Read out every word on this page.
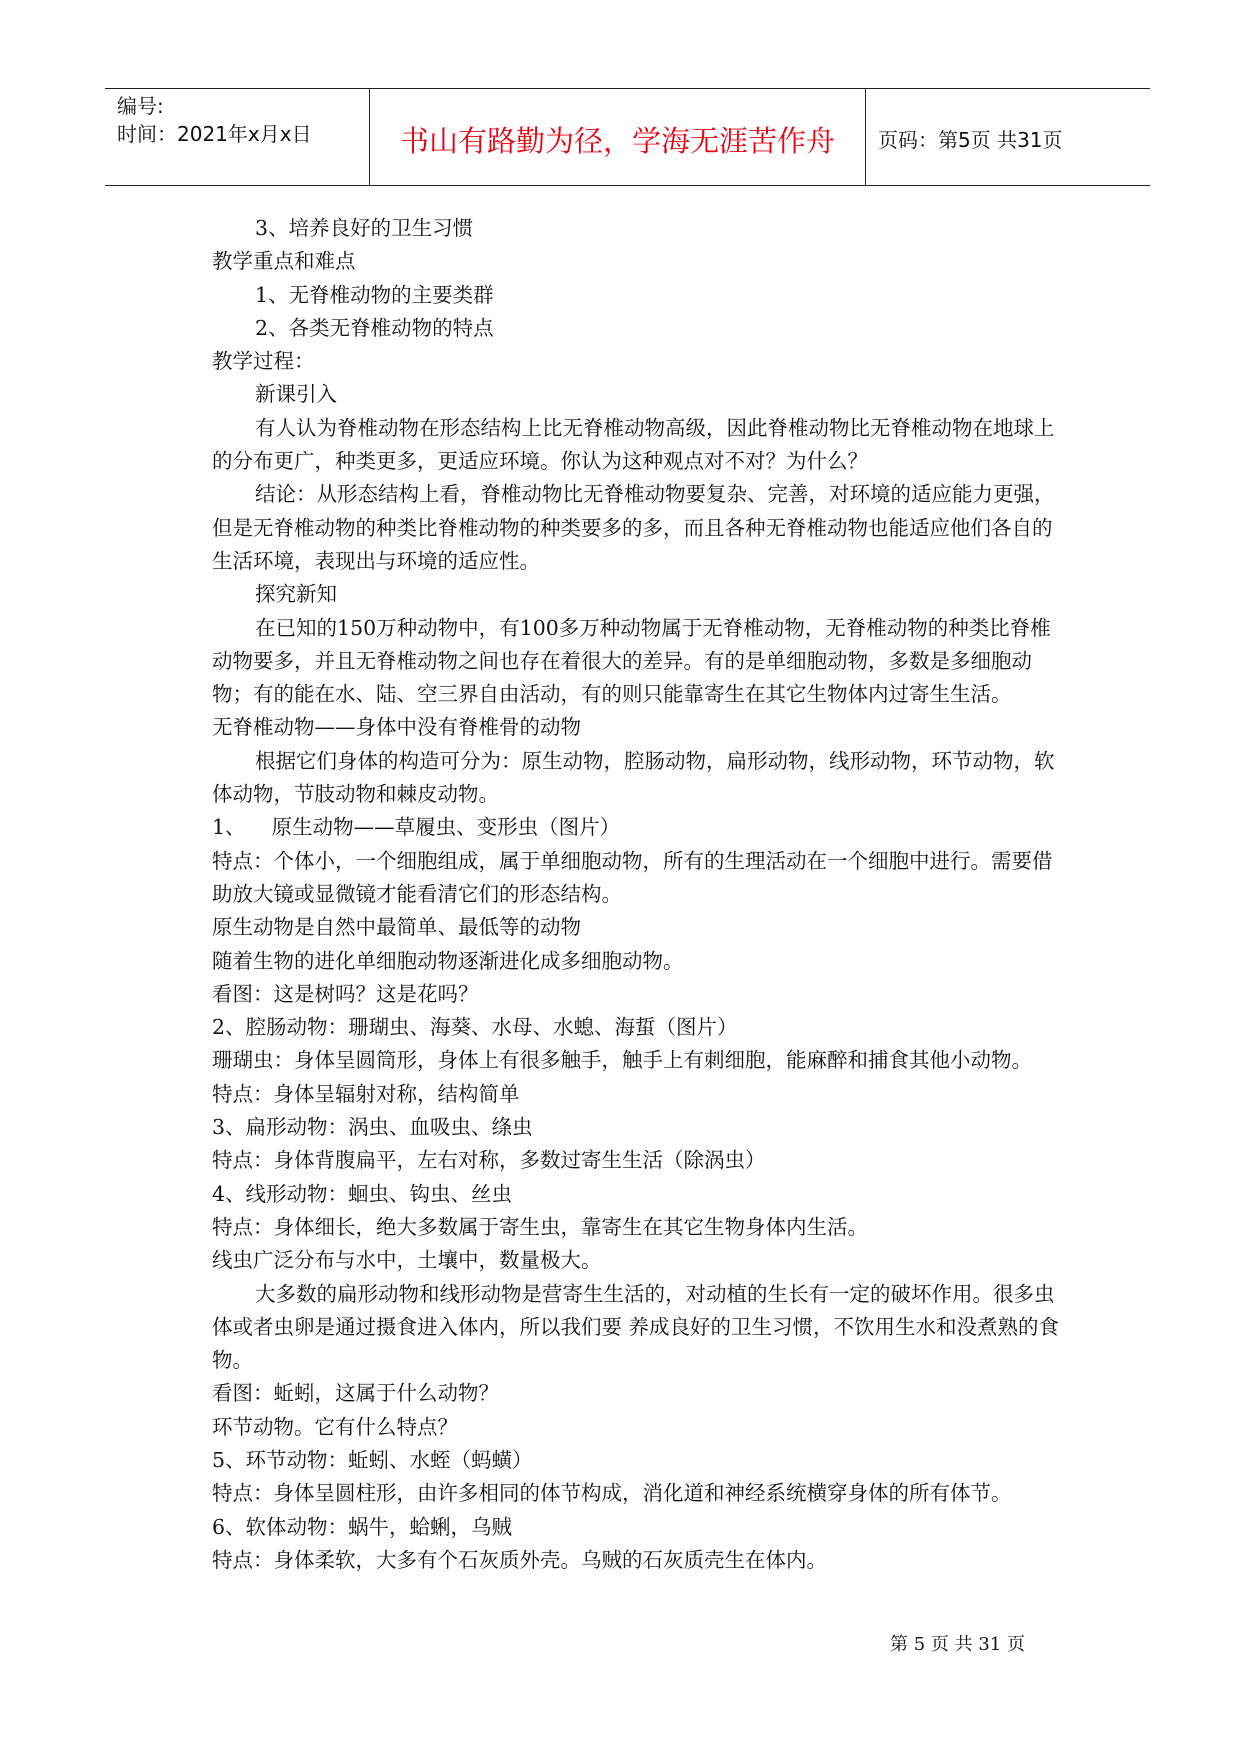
编号:
时间：2021年x月x日	书山有路勤为径，学海无涯苦作舟	页码：第5页 共31页

3、培养良好的卫生习惯

教学重点和难点

1、无脊椎动物的主要类群

2、各类无脊椎动物的特点

教学过程：

新课引入

有人认为脊椎动物在形态结构上比无脊椎动物高级，因此脊椎动物比无脊椎动物在地球上的分布更广，种类更多，更适应环境。你认为这种观点对不对？为什么？

结论：从形态结构上看，脊椎动物比无脊椎动物要复杂、完善，对环境的适应能力更强，但是无脊椎动物的种类比脊椎动物的种类要多的多，而且各种无脊椎动物也能适应他们各自的生活环境，表现出与环境的适应性。

探究新知

在已知的150万种动物中，有100多万种动物属于无脊椎动物，无脊椎动物的种类比脊椎动物要多，并且无脊椎动物之间也存在着很大的差异。有的是单细胞动物，多数是多细胞动物；有的能在水、陆、空三界自由活动，有的则只能靠寄生在其它生物体内过寄生生活。

无脊椎动物——身体中没有脊椎骨的动物

根据它们身体的构造可分为：原生动物，腔肠动物，扁形动物，线形动物，环节动物，软体动物，节肢动物和棘皮动物。

1、    原生动物——草履虫、变形虫（图片）

特点：个体小，一个细胞组成，属于单细胞动物，所有的生理活动在一个细胞中进行。需要借助放大镜或显微镜才能看清它们的形态结构。

原生动物是自然中最简单、最低等的动物

随着生物的进化单细胞动物逐渐进化成多细胞动物。

看图：这是树吗？这是花吗？

2、腔肠动物：珊瑚虫、海葵、水母、水螅、海蜇（图片）

珊瑚虫：身体呈圆筒形，身体上有很多触手，触手上有刺细胞，能麻醉和捕食其他小动物。

特点：身体呈辐射对称，结构简单

3、扁形动物：涡虫、血吸虫、绦虫

特点：身体背腹扁平，左右对称，多数过寄生生活（除涡虫）

4、线形动物：蛔虫、钩虫、丝虫

特点：身体细长，绝大多数属于寄生虫，靠寄生在其它生物身体内生活。

线虫广泛分布与水中，土壤中，数量极大。

大多数的扁形动物和线形动物是营寄生生活的，对动植的生长有一定的破坏作用。很多虫体或者虫卵是通过摄食进入体内，所以我们要 养成良好的卫生习惯，不饮用生水和没煮熟的食物。

看图：蚯蚓，这属于什么动物？

环节动物。它有什么特点？

5、环节动物：蚯蚓、水蛭（蚂蟥）

特点：身体呈圆柱形，由许多相同的体节构成，消化道和神经系统横穿身体的所有体节。

6、软体动物：蜗牛，蛤蜊，乌贼

特点：身体柔软，大多有个石灰质外壳。乌贼的石灰质壳生在体内。

第 5 页 共 31 页
